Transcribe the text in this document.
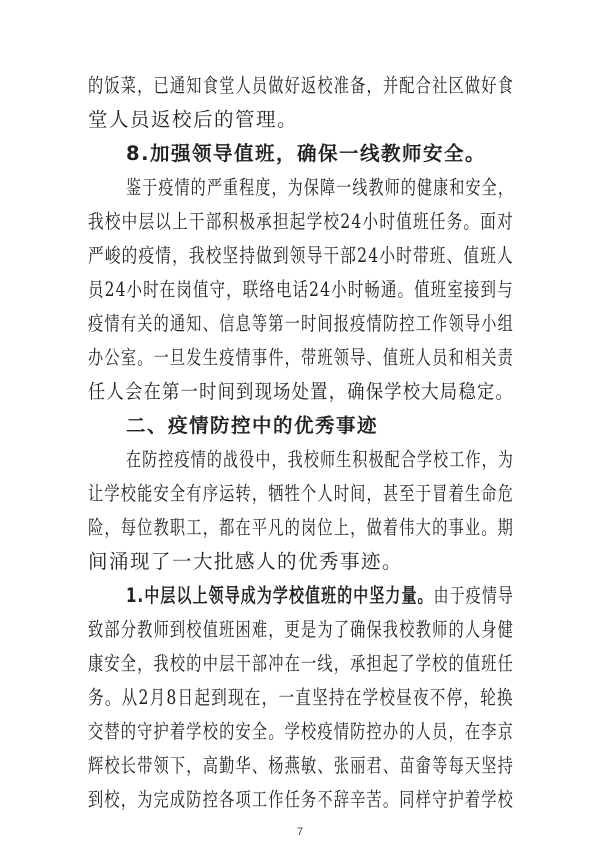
的饭菜，已通知食堂人员做好返校准备，并配合社区做好食
堂人员返校后的管理。
8.加强领导值班，确保一线教师安全。
鉴于疫情的严重程度，为保障一线教师的健康和安全，
我校中层以上干部积极承担起学校24小时值班任务。面对
严峻的疫情，我校坚持做到领导干部24小时带班、值班人
员24小时在岗值守，联络电话24小时畅通。值班室接到与
疫情有关的通知、信息等第一时间报疫情防控工作领导小组
办公室。一旦发生疫情事件，带班领导、值班人员和相关责
任人会在第一时间到现场处置，确保学校大局稳定。
二、疫情防控中的优秀事迹
在防控疫情的战役中，我校师生积极配合学校工作，为
让学校能安全有序运转，牺牲个人时间，甚至于冒着生命危
险，每位教职工，都在平凡的岗位上，做着伟大的事业。期
间涌现了一大批感人的优秀事迹。
1.中层以上领导成为学校值班的中坚力量。由于疫情导
致部分教师到校值班困难，更是为了确保我校教师的人身健
康安全，我校的中层干部冲在一线，承担起了学校的值班任
务。从2月8日起到现在，一直坚持在学校昼夜不停，轮换
交替的守护着学校的安全。学校疫情防控办的人员，在李京
辉校长带领下，高勤华、杨燕敏、张丽君、苗畲等每天坚持
到校，为完成防控各项工作任务不辞辛苦。同样守护着学校
7
